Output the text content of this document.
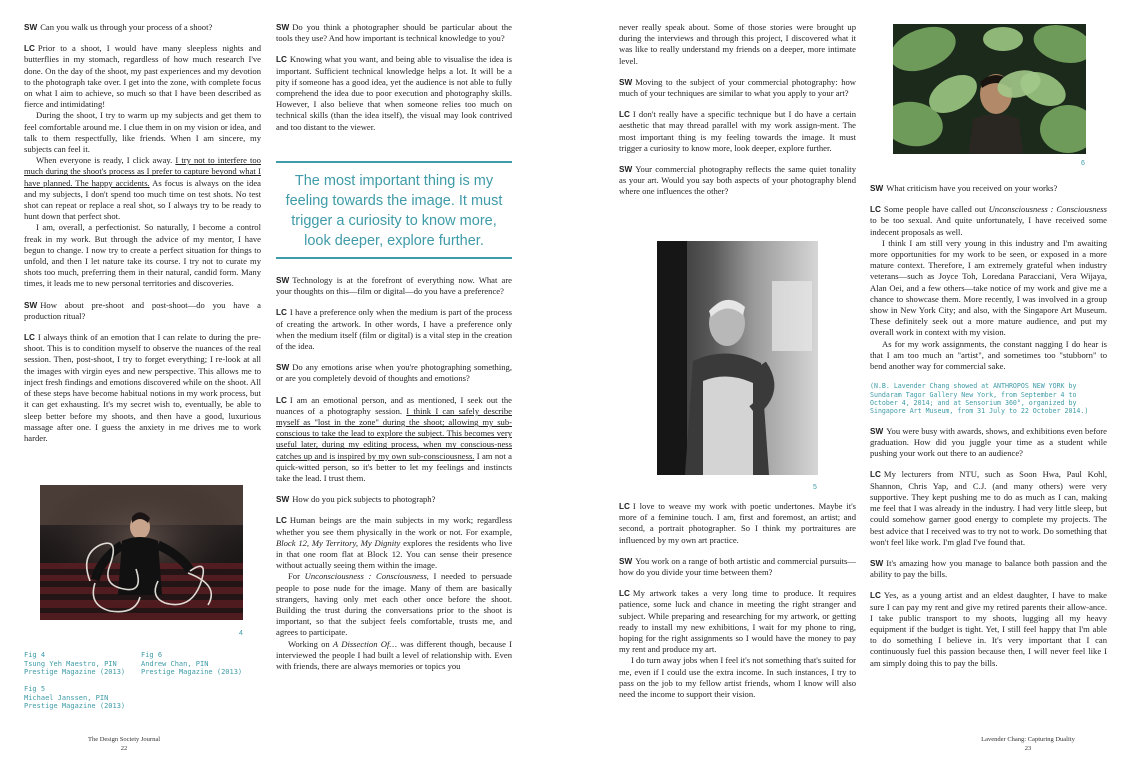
SW Can you walk us through your process of a shoot?

LC Prior to a shoot, I would have many sleepless nights and butterflies in my stomach, regardless of how much research I've done. On the day of the shoot, my past experiences and my devotion to the photograph take over. I get into the zone, with complete focus on what I aim to achieve, so much so that I have been described as fierce and intimidating!

During the shoot, I try to warm up my subjects and get them to feel comfortable around me. I clue them in on my vision or idea, and talk to them respectfully, like friends. When I am sincere, my subjects can feel it.

When everyone is ready, I click away. I try not to interfere too much during the shoot's process as I prefer to capture beyond what I have planned. The happy accidents. As focus is always on the idea and my subjects, I don't spend too much time on test shots. No test shot can repeat or replace a real shot, so I always try to be ready to hunt down that perfect shot.

I am, overall, a perfectionist. So naturally, I become a control freak in my work. But through the advice of my mentor, I have begun to change. I now try to create a perfect situation for things to unfold, and then I let nature take its course. I try not to curate my shots too much, preferring them in their natural, candid form. Many times, it leads me to new personal territories and discoveries.

SW How about pre-shoot and post-shoot—do you have a production ritual?

LC I always think of an emotion that I can relate to during the pre-shoot. This is to condition myself to observe the nuances of the real session. Then, post-shoot, I try to forget everything; I re-look at all the images with virgin eyes and new perspective. This allows me to inject fresh findings and emotions discovered while on the shoot. All of these steps have become habitual notions in my work process, but it can get exhausting. It's my secret wish to, eventually, be able to sleep better before my shoots, and then have a good, luxurious massage after one. I guess the anxiety in me drives me to work harder.

4
Fig 4
Tsung Yeh Maestro, PIN
Prestige Magazine (2013)
Fig 6
Andrew Chan, PIN
Prestige Magazine (2013)
Fig 5
Michael Janssen, PIN
Prestige Magazine (2013)

SW Do you think a photographer should be particular about the tools they use? And how important is technical knowledge to you?

LC Knowing what you want, and being able to visualise the idea is important. Sufficient technical knowledge helps a lot. It will be a pity if someone has a good idea, yet the audience is not able to fully comprehend the idea due to poor execution and photography skills. However, I also believe that when someone relies too much on technical skills (than the idea itself), the visual may look contrived and too distant to the viewer.

The most important thing is my feeling towards the image. It must trigger a curiosity to know more, look deeper, explore further.

SW Technology is at the forefront of everything now. What are your thoughts on this—film or digital—do you have a preference?

LC I have a preference only when the medium is part of the process of creating the artwork. In other words, I have a preference only when the medium itself (film or digital) is a vital step in the creation of the idea.

SW Do any emotions arise when you're photographing something, or are you completely devoid of thoughts and emotions?

LC I am an emotional person, and as mentioned, I seek out the nuances of a photography session. I think I can safely describe myself as "lost in the zone" during the shoot; allowing my sub-conscious to take the lead to explore the subject. This becomes very useful later, during my editing process, when my conscious-ness catches up and is inspired by my own sub-consciousness. I am not a quick-witted person, so it's better to let my feelings and instincts take the lead. I trust them.

SW How do you pick subjects to photograph?

LC Human beings are the main subjects in my work; regardless whether you see them physically in the work or not. For example, Block 12, My Territory, My Dignity explores the residents who live in that one room flat at Block 12. You can sense their presence without actually seeing them within the image.

For Unconsciousness : Consciousness, I needed to persuade people to pose nude for the image. Many of them are basically strangers, having only met each other once before the shoot. Building the trust during the conversations prior to the shoot is important, so that the subject feels comfortable, trusts me, and agrees to participate.

Working on A Dissection Of… was different though, because I interviewed the people I had built a level of relationship with. Even with friends, there are always memories or topics you

never really speak about. Some of those stories were brought up during the interviews and through this project, I discovered what it was like to really understand my friends on a deeper, more intimate level.

SW Moving to the subject of your commercial photography: how much of your techniques are similar to what you apply to your art?

LC I don't really have a specific technique but I do have a certain aesthetic that may thread parallel with my work assign-ment. The most important thing is my feeling towards the image. It must trigger a curiosity to know more, look deeper, explore further.

SW Your commercial photography reflects the same quiet tonality as your art. Would you say both aspects of your photography blend where one influences the other?

5

LC I love to weave my work with poetic undertones. Maybe it's more of a feminine touch. I am, first and foremost, an artist; and second, a portrait photographer. So I think my portraitures are influenced by my own art practice.

SW You work on a range of both artistic and commercial pursuits—how do you divide your time between them?

LC My artwork takes a very long time to produce. It requires patience, some luck and chance in meeting the right stranger and subject. While preparing and researching for my artwork, or getting ready to install my new exhibitions, I wait for my phone to ring, hoping for the right assignments so I would have the money to pay my rent and produce my art.

I do turn away jobs when I feel it's not something that's suited for me, even if I could use the extra income. In such instances, I try to pass on the job to my fellow artist friends, whom I know will also need the income to support their vision.

6

SW What criticism have you received on your works?

LC Some people have called out Unconsciousness : Consciousness to be too sexual. And quite unfortunately, I have received some indecent proposals as well.

I think I am still very young in this industry and I'm awaiting more opportunities for my work to be seen, or exposed in a more mature context. Therefore, I am extremely grateful when industry veterans—such as Joyce Toh, Loredana Paracciani, Vera Wijaya, Alan Oei, and a few others—take notice of my work and give me a chance to showcase them. More recently, I was involved in a group show in New York City; and also, with the Singapore Art Museum. These definitely seek out a more mature audience, and put my overall work in context with my vision.

As for my work assignments, the constant nagging I do hear is that I am too much an "artist", and sometimes too "stubborn" to bend another way for commercial sake.

(N.B. Lavender Chang showed at ANTHROPOS NEW YORK by Sundaram Tagor Gallery New York, from September 4 to October 4, 2014; and at Sensorium 360°, organized by Singapore Art Museum, from 31 July to 22 October 2014.)

SW You were busy with awards, shows, and exhibitions even before graduation. How did you juggle your time as a student while pushing your work out there to an audience?

LC My lecturers from NTU, such as Soon Hwa, Paul Kohl, Shannon, Chris Yap, and C.J. (and many others) were very supportive. They kept pushing me to do as much as I can, making me feel that I was already in the industry. I had very little sleep, but could somehow garner good energy to complete my projects. The best advice that I received was to try not to work. Do something that won't feel like work. I'm glad I've found that.

SW It's amazing how you manage to balance both passion and the ability to pay the bills.

LC Yes, as a young artist and an eldest daughter, I have to make sure I can pay my rent and give my retired parents their allow-ance. I take public transport to my shoots, lugging all my heavy equipment if the budget is tight. Yet, I still feel happy that I'm able to do something I believe in. It's very important that I can continuously fuel this passion because then, I will never feel like I am simply doing this to pay the bills.

The Design Society Journal
22
Lavender Chang: Capturing Duality
23
